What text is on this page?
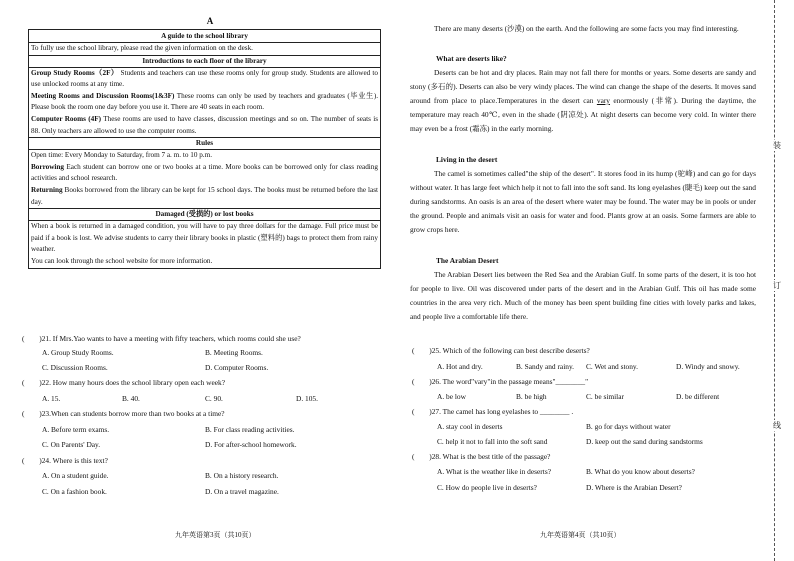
A
A guide to the school library

To fully use the school library, please read the given information on the desk.

Introductions to each floor of the library

Group Study Rooms（2F） Students and teachers can use these rooms only for group study. Students are allowed to use unlocked rooms at any time.

Meeting Rooms and Discussion Rooms(1&3F) These rooms can only be used by teachers and graduates (毕业生). Please book the room one day before you use it. There are 40 seats in each room.

Computer Rooms (4F) These rooms are used to have classes, discussion meetings and so on. The number of seats is 88. Only teachers are allowed to use the computer rooms.

Rules

Open time: Every Monday to Saturday, from 7 a. m. to 10 p.m.

Borrowing Each student can borrow one or two books at a time. More books can be borrowed only for class reading activities and school research.

Returning Books borrowed from the library can be kept for 15 school days. The books must be returned before the last day.

Damaged (受损的) or lost books

When a book is returned in a damaged condition, you will have to pay three dollars for the damage. Full price must be paid if a book is lost. We advise students to carry their library books in plastic (塑料的) bags to protect them from rainy weather.

You can look through the school website for more information.

(　　)21. If Mrs.Yao wants to have a meeting with fifty teachers, which rooms could she use?
A. Group Study Rooms.	B. Meeting Rooms.
C. Discussion Rooms.	D. Computer Rooms.
(　　)22. How many hours does the school library open each week?
A. 15.	B. 40.	C. 90.	D. 105.
(　　)23.When can students borrow more than two books at a time?
A. Before term exams.	B. For class reading activities.
C. On Parents' Day.	D. For after-school homework.
(　　)24. Where is this text?
A. On a student guide.	B. On a history research.
C. On a fashion book.	D. On a travel magazine.
九年英语第3页（共10页）
There are many deserts (沙漠) on the earth. And the following are some facts you may find interesting.
What are deserts like?
Deserts can be hot and dry places. Rain may not fall there for months or years. Some deserts are sandy and stony (多石的). Deserts can also be very windy places. The wind can change the shape of the deserts. It moves sand around from place to place.Temperatures in the desert can vary enormously (非常). During the daytime, the temperature may reach 40℃, even in the shade (阴凉处). At night deserts can become very cold. In winter there may even be a frost (霜冻) in the early morning.
Living in the desert
The camel is sometimes called"the ship of the desert". It stores food in its hump (驼峰) and can go for days without water. It has large feet which help it not to fall into the soft sand. Its long eyelashes (睫毛) keep out the sand during sandstorms. An oasis is an area of the desert where water may be found. The water may be in pools or under the ground. People and animals visit an oasis for water and food. Plants grow at an oasis. Some farmers are able to grow crops here.
The Arabian Desert
The Arabian Desert lies between the Red Sea and the Arabian Gulf. In some parts of the desert, it is too hot for people to live. Oil was discovered under parts of the desert and in the Arabian Gulf. This oil has made some countries in the area very rich. Much of the money has been spent building fine cities with lovely parks and lakes, and people live a comfortable life there.
(　　)25. Which of the following can best describe deserts?
A. Hot and dry.	B. Sandy and rainy. C. Wet and stony.	D. Windy and snowy.
(　　)26. The word"vary"in the passage means"________"
A. be low	B. be high	C. be similar	D. be different
(　　)27. The camel has long eyelashes to ________ .
A. stay cool in deserts	B. go for days without water
C. help it not to fall into the soft sand	D. keep out the sand during sandstorms
(　　)28. What is the best title of the passage?
A. What is the weather like in deserts?	B. What do you know about deserts?
C. How do people live in deserts?	D. Where is the Arabian Desert?
九年英语第4页（共10页）
装
订
线
